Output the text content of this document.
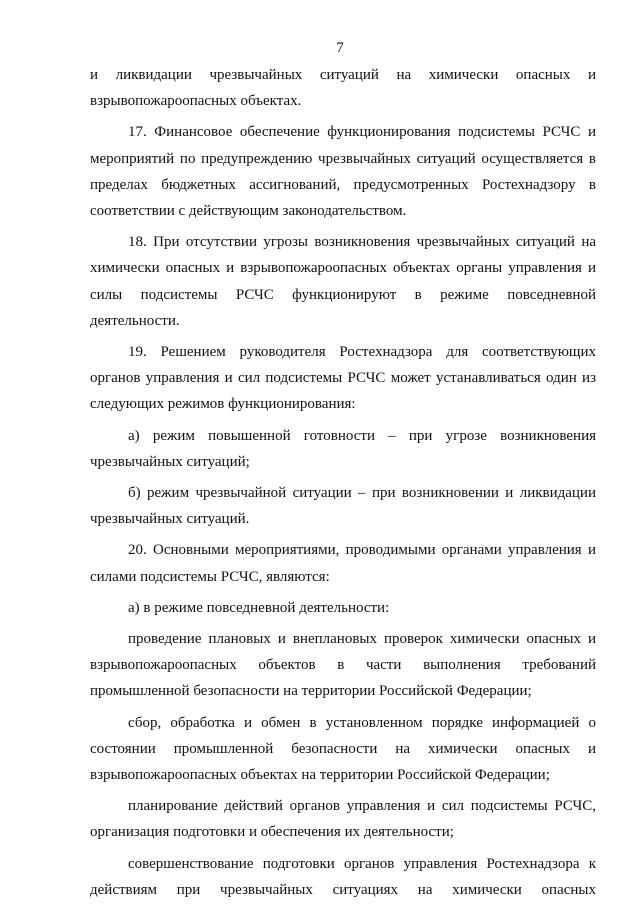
7

и ликвидации чрезвычайных ситуаций на химически опасных и взрывопожароопасных объектах.

17. Финансовое обеспечение функционирования подсистемы РСЧС и мероприятий по предупреждению чрезвычайных ситуаций осуществляется в пределах бюджетных ассигнований, предусмотренных Ростехнадзору в соответствии с действующим законодательством.

18. При отсутствии угрозы возникновения чрезвычайных ситуаций на химически опасных и взрывопожароопасных объектах органы управления и силы подсистемы РСЧС функционируют в режиме повседневной деятельности.

19. Решением руководителя Ростехнадзора для соответствующих органов управления и сил подсистемы РСЧС может устанавливаться один из следующих режимов функционирования:

а) режим повышенной готовности – при угрозе возникновения чрезвычайных ситуаций;

б) режим чрезвычайной ситуации – при возникновении и ликвидации чрезвычайных ситуаций.

20. Основными мероприятиями, проводимыми органами управления и силами подсистемы РСЧС, являются:

а) в режиме повседневной деятельности:

проведение плановых и внеплановых проверок химически опасных и взрывопожароопасных объектов в части выполнения требований промышленной безопасности на территории Российской Федерации;

сбор, обработка и обмен в установленном порядке информацией о состоянии промышленной безопасности на химически опасных и взрывопожароопасных объектах на территории Российской Федерации;

планирование действий органов управления и сил подсистемы РСЧС, организация подготовки и обеспечения их деятельности;

совершенствование подготовки органов управления Ростехнадзора к действиям при чрезвычайных ситуациях на химически опасных
